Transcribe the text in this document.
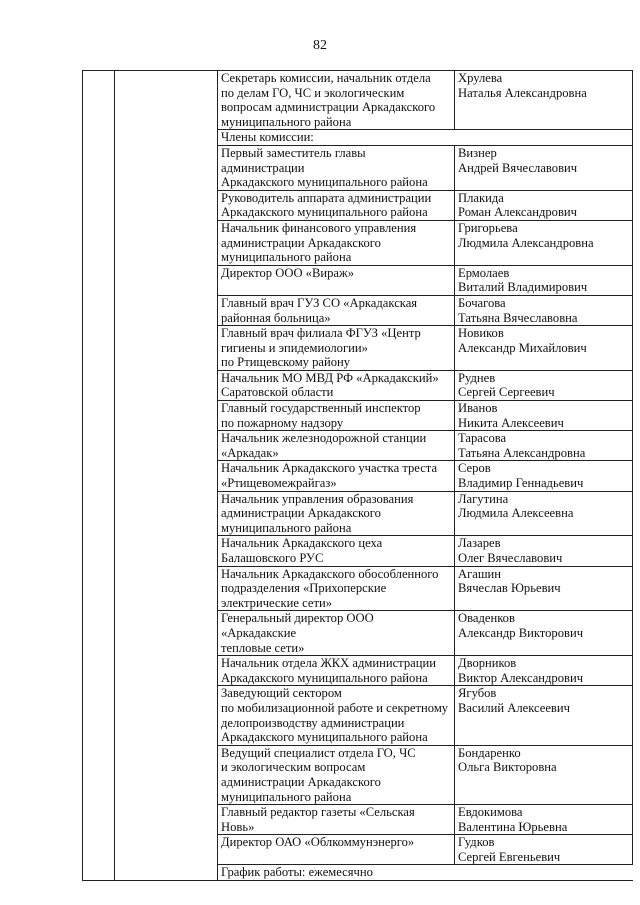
82
		Секретарь комиссии, начальник отдела
по делам ГО, ЧС и экологическим
вопросам администрации Аркадакского
муниципального района	Хрулева
Наталья Александровна
		Члены комиссии:	
		Первый заместитель главы администрации
Аркадакского муниципального района	Визнер
Андрей Вячеславович
		Руководитель аппарата администрации
Аркадакского муниципального района	Плакида
Роман Александрович
		Начальник финансового управления
администрации Аркадакского
муниципального района	Григорьева
Людмила Александровна
		Директор ООО «Вираж»	Ермолаев
Виталий Владимирович
		Главный врач ГУЗ СО «Аркадакская
районная больница»	Бочагова
Татьяна Вячеславовна
		Главный врач филиала ФГУЗ «Центр
гигиены и эпидемиологии»
по Ртищевскому району	Новиков
Александр Михайлович
		Начальник МО МВД РФ «Аркадакский»
Саратовской области	Руднев
Сергей Сергеевич
		Главный государственный инспектор
по пожарному надзору	Иванов
Никита Алексеевич
		Начальник железнодорожной станции
«Аркадак»	Тарасова
Татьяна Александровна
		Начальник Аркадакского участка треста
«Ртищевомежрайгаз»	Серов
Владимир Геннадьевич
		Начальник управления образования
администрации Аркадакского
муниципального района	Лагутина
Людмила Алексеевна
		Начальник Аркадакского цеха
Балашовского РУС	Лазарев
Олег Вячеславович
		Начальник Аркадакского обособленного
подразделения «Прихоперские
электрические сети»	Агашин
Вячеслав Юрьевич
		Генеральный директор ООО «Аркадакские
тепловые сети»	Оваденков
Александр Викторович
		Начальник отдела ЖКХ администрации
Аркадакского муниципального района	Дворников
Виктор Александрович
		Заведующий сектором
по мобилизационной работе и секретному
делопроизводству администрации
Аркадакского муниципального района	Ягубов
Василий Алексеевич
		Ведущий специалист отдела ГО, ЧС
и экологическим вопросам
администрации Аркадакского
муниципального района	Бондаренко
Ольга Викторовна
		Главный редактор газеты «Сельская
Новь»	Евдокимова
Валентина Юрьевна
		Директор ОАО «Облкоммунэнерго»	Гудков
Сергей Евгеньевич
		График работы: ежемесячно	
